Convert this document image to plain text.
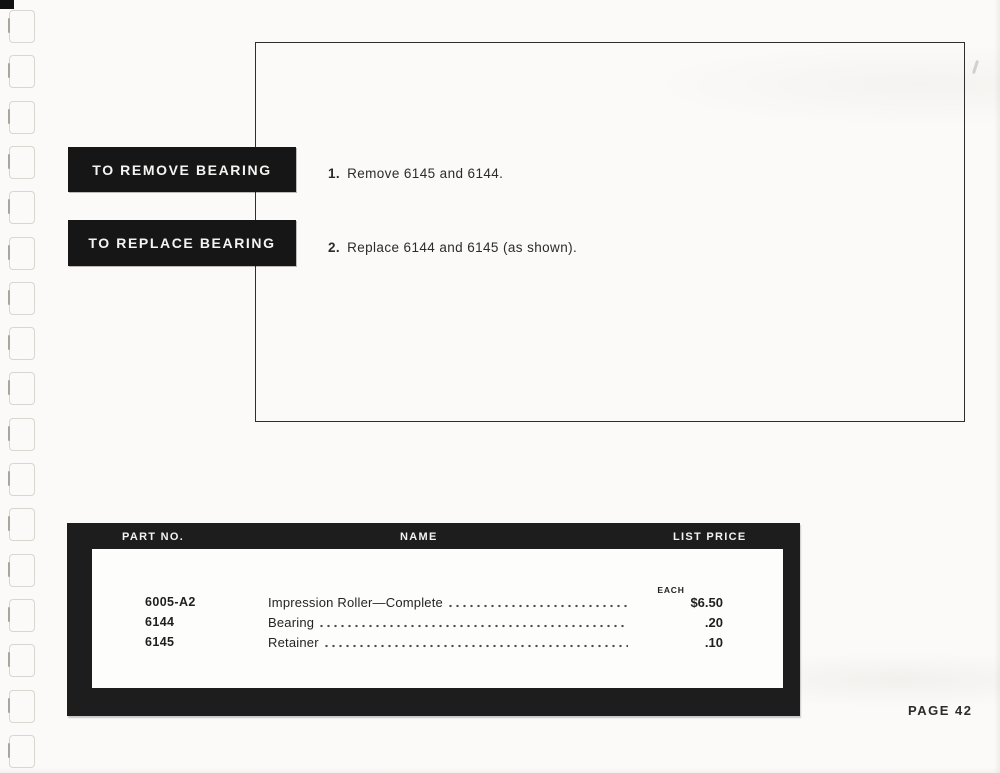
TO REMOVE BEARING
TO REPLACE BEARING
1. Remove 6145 and 6144.
2. Replace 6144 and 6145 (as shown).
PART NO.	NAME	LIST PRICE
EACH
6005-A2	Impression Roller—Complete	$6.50
6144	Bearing	.20
6145	Retainer	.10
PAGE 42
